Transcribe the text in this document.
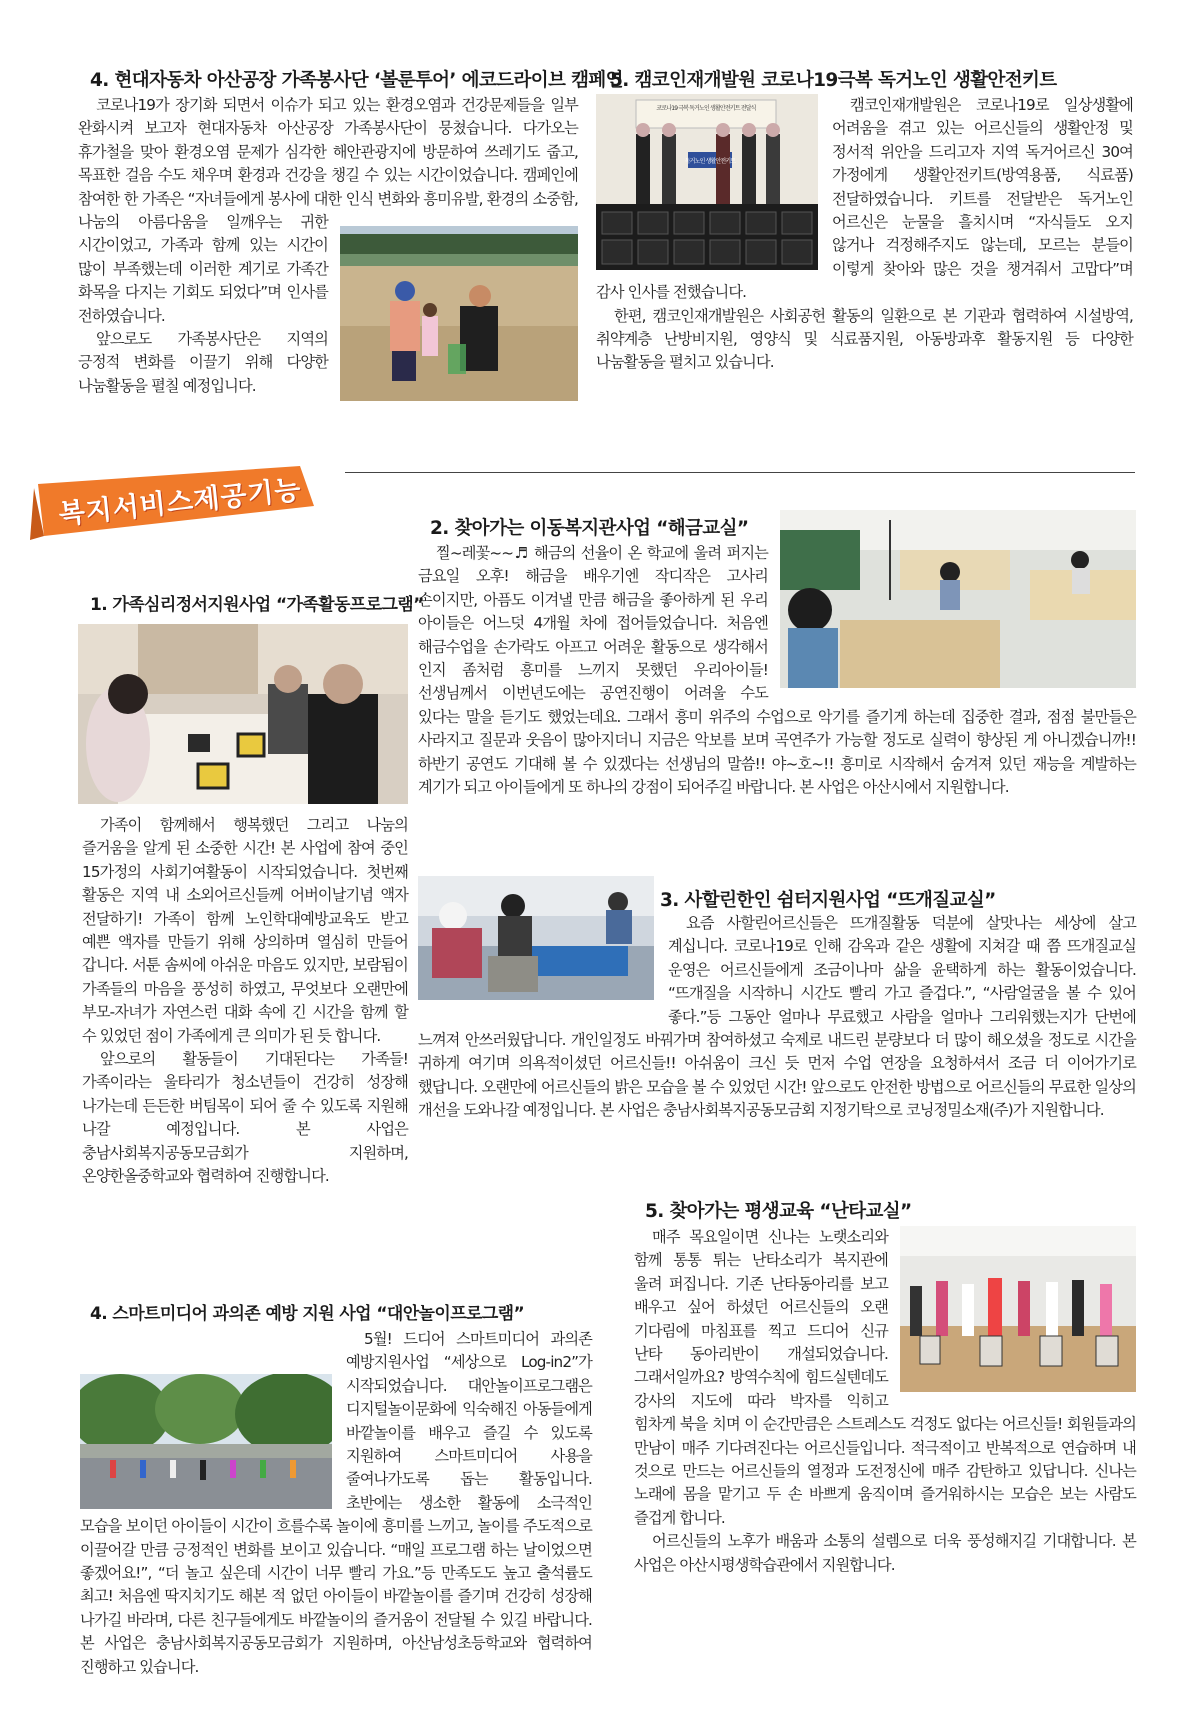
4. 현대자동차 아산공장 가족봉사단 ‘볼룬투어’ 에코드라이브 캠페인

코로나19가 장기화 되면서 이슈가 되고 있는 환경오염과 건강문제들을 일부 완화시켜 보고자 현대자동차 아산공장 가족봉사단이 뭉쳤습니다. 다가오는 휴가철을 맞아 환경오염 문제가 심각한 해안관광지에 방문하여 쓰레기도 줍고, 목표한 걸음 수도 채우며 환경과 건강을 챙길 수 있는 시간이었습니다. 캠페인에 참여한 한 가족은 “자녀들에게 봉사에 대한 인식 변화와 흥미유발, 환경의 소중함, 나눔의 아름다움을 일깨우는 귀한 시간이었고, 가족과 함께 있는 시간이 많이 부족했는데 이러한 계기로 가족간 화목을 다지는 기회도 되었다”며 인사를 전하였습니다.

앞으로도 가족봉사단은 지역의 긍정적 변화를 이끌기 위해 다양한 나눔활동을 펼칠 예정입니다.

5. 캠코인재개발원 코로나19극복 독거노인 생활안전키트
코로나19 극복 독거노인 생활안전키트 전달식
독거노인 생활안전키트

캠코인재개발원은 코로나19로 일상생활에 어려움을 겪고 있는 어르신들의 생활안정 및 정서적 위안을 드리고자 지역 독거어르신 30여 가정에게 생활안전키트(방역용품, 식료품) 전달하였습니다. 키트를 전달받은 독거노인 어르신은 눈물을 흘치시며 “자식들도 오지 않거나 걱정해주지도 않는데, 모르는 분들이 이렇게 찾아와 많은 것을 챙겨줘서 고맙다”며 감사 인사를 전했습니다.

한편, 캠코인재개발원은 사회공헌 활동의 일환으로 본 기관과 협력하여 시설방역, 취약계층 난방비지원, 영양식 및 식료품지원, 아동방과후 활동지원 등 다양한 나눔활동을 펼치고 있습니다.

복지서비스제공기능
1. 가족심리정서지원사업 “가족활동프로그램”

가족이 함께해서 행복했던 그리고 나눔의 즐거움을 알게 된 소중한 시간! 본 사업에 참여 중인 15가정의 사회기여활동이 시작되었습니다. 첫번째 활동은 지역 내 소외어르신들께 어버이날기념 액자 전달하기! 가족이 함께 노인학대예방교육도 받고 예쁜 액자를 만들기 위해 상의하며 열심히 만들어 갑니다. 서툰 솜씨에 아쉬운 마음도 있지만, 보람됨이 가족들의 마음을 풍성히 하였고, 무엇보다 오랜만에 부모-자녀가 자연스런 대화 속에 긴 시간을 함께 할 수 있었던 점이 가족에게 큰 의미가 된 듯 합니다.

앞으로의 활동들이 기대된다는 가족들! 가족이라는 울타리가 청소년들이 건강히 성장해 나가는데 든든한 버팀목이 되어 줄 수 있도록 지원해 나갈 예정입니다. 본 사업은 충남사회복지공동모금회가 지원하며, 온양한올중학교와 협력하여 진행합니다.

2. 찾아가는 이동복지관사업 “해금교실”

찔~레꽃~~♬ 해금의 선율이 온 학교에 울려 퍼지는 금요일 오후! 해금을 배우기엔 작디작은 고사리 손이지만, 아픔도 이겨낼 만큼 해금을 좋아하게 된 우리 아이들은 어느덧 4개월 차에 접어들었습니다. 처음엔 해금수업을 손가락도 아프고 어려운 활동으로 생각해서 인지 좀처럼 흥미를 느끼지 못했던 우리아이들! 선생님께서 이번년도에는 공연진행이 어려울 수도 있다는 말을 듣기도 했었는데요. 그래서 흥미 위주의 수업으로 악기를 즐기게 하는데 집중한 결과, 점점 불만들은 사라지고 질문과 웃음이 많아지더니 지금은 악보를 보며 곡연주가 가능할 정도로 실력이 향상된 게 아니겠습니까!! 하반기 공연도 기대해 볼 수 있겠다는 선생님의 말씀!! 야~호~!! 흥미로 시작해서 숨겨져 있던 재능을 계발하는 계기가 되고 아이들에게 또 하나의 강점이 되어주길 바랍니다. 본 사업은 아산시에서 지원합니다.

3. 사할린한인 쉼터지원사업 “뜨개질교실”

요즘 사할린어르신들은 뜨개질활동 덕분에 살맛나는 세상에 살고 계십니다. 코로나19로 인해 감옥과 같은 생활에 지쳐갈 때 쯤 뜨개질교실 운영은 어르신들에게 조금이나마 삶을 윤택하게 하는 활동이었습니다. “뜨개질을 시작하니 시간도 빨리 가고 즐겁다.”, “사람얼굴을 볼 수 있어 좋다.”등 그동안 얼마나 무료했고 사람을 얼마나 그리워했는지가 단번에 느껴져 안쓰러웠답니다. 개인일정도 바꿔가며 참여하셨고 숙제로 내드린 분량보다 더 많이 해오셨을 정도로 시간을 귀하게 여기며 의욕적이셨던 어르신들!! 아쉬움이 크신 듯 먼저 수업 연장을 요청하셔서 조금 더 이어가기로 했답니다. 오랜만에 어르신들의 밝은 모습을 볼 수 있었던 시간! 앞으로도 안전한 방법으로 어르신들의 무료한 일상의 개선을 도와나갈 예정입니다. 본 사업은 충남사회복지공동모금회 지정기탁으로 코닝정밀소재(주)가 지원합니다.

4. 스마트미디어 과의존 예방 지원 사업 “대안놀이프로그램”

5월! 드디어 스마트미디어 과의존 예방지원사업 “세상으로 Log-in2”가 시작되었습니다. 대안놀이프로그램은 디지털놀이문화에 익숙해진 아동들에게 바깥놀이를 배우고 즐길 수 있도록 지원하여 스마트미디어 사용을 줄여나가도록 돕는 활동입니다. 초반에는 생소한 활동에 소극적인 모습을 보이던 아이들이 시간이 흐를수록 놀이에 흥미를 느끼고, 놀이를 주도적으로 이끌어갈 만큼 긍정적인 변화를 보이고 있습니다. “매일 프로그램 하는 날이었으면 좋겠어요!”, “더 놀고 싶은데 시간이 너무 빨리 가요.”등 만족도도 높고 출석률도 최고! 처음엔 딱지치기도 해본 적 없던 아이들이 바깥놀이를 즐기며 건강히 성장해 나가길 바라며, 다른 친구들에게도 바깥놀이의 즐거움이 전달될 수 있길 바랍니다. 본 사업은 충남사회복지공동모금회가 지원하며, 아산남성초등학교와 협력하여 진행하고 있습니다.

5. 찾아가는 평생교육 “난타교실”

매주 목요일이면 신나는 노랫소리와 함께 통통 튀는 난타소리가 복지관에 울려 퍼집니다. 기존 난타동아리를 보고 배우고 싶어 하셨던 어르신들의 오랜 기다림에 마침표를 찍고 드디어 신규 난타 동아리반이 개설되었습니다. 그래서일까요? 방역수칙에 힘드실텐데도 강사의 지도에 따라 박자를 익히고 힘차게 북을 치며 이 순간만큼은 스트레스도 걱정도 없다는 어르신들! 회원들과의 만남이 매주 기다려진다는 어르신들입니다. 적극적이고 반복적으로 연습하며 내 것으로 만드는 어르신들의 열정과 도전정신에 매주 감탄하고 있답니다. 신나는 노래에 몸을 맡기고 두 손 바쁘게 움직이며 즐거워하시는 모습은 보는 사람도 즐겁게 합니다.

어르신들의 노후가 배움과 소통의 설렘으로 더욱 풍성해지길 기대합니다. 본 사업은 아산시평생학습관에서 지원합니다.
